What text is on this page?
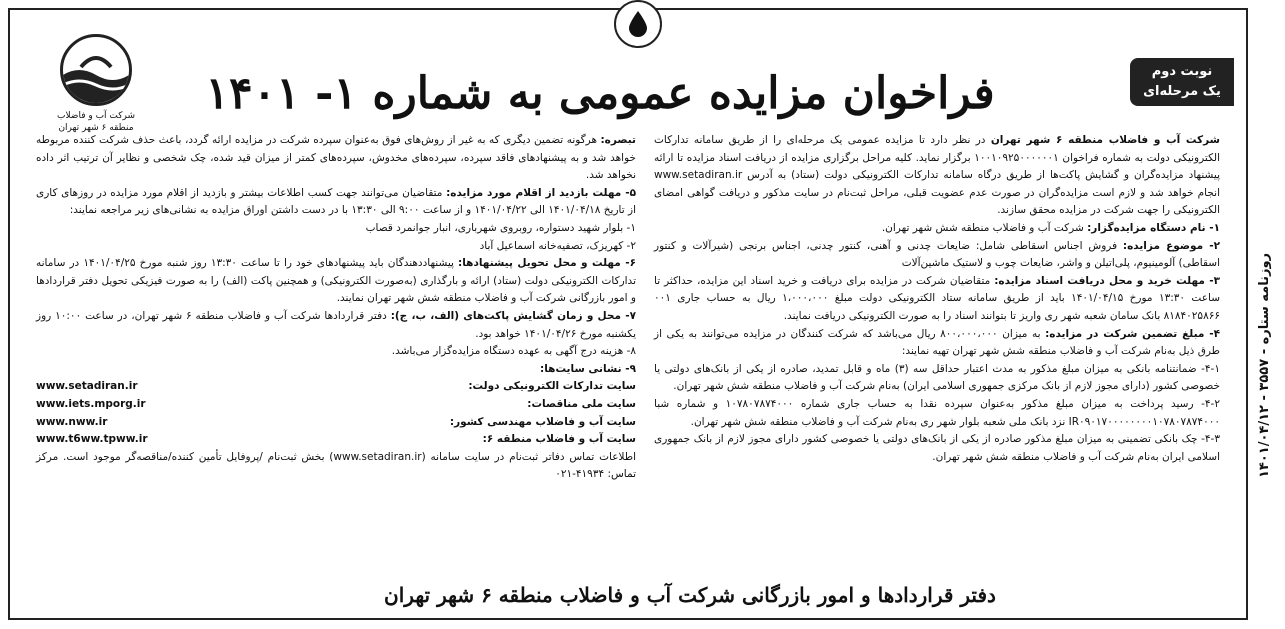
شرکت آب و فاضلاب
منطقه ۶ شهر تهران
نوبت دوم
یک مرحله‌ای
فراخوان مزایده عمومی به شماره ۱- ۱۴۰۱
شرکت آب و فاضلاب منطقه ۶ شهر تهران در نظر دارد تا مزایده عمومی یک مرحله‌ای را از طریق سامانه تدارکات الکترونیکی دولت به شماره فراخوان ۱۰۰۱۰۹۲۵۰۰۰۰۰۰۱ برگزار نماید. کلیه مراحل برگزاری مزایده از دریافت اسناد مزایده تا ارائه پیشنهاد مزایده‌گران و گشایش پاکت‌ها از طریق درگاه سامانه تدارکات الکترونیکی دولت (ستاد) به آدرس www.setadiran.ir انجام خواهد شد و لازم است مزایده‌گران در صورت عدم عضویت قبلی، مراحل ثبت‌نام در سایت مذکور و دریافت گواهی امضای الکترونیکی را جهت شرکت در مزایده محقق سازند.
۱- نام دستگاه مزایده‌گزار: شرکت آب و فاضلاب منطقه شش شهر تهران.
۲- موضوع مزایده: فروش اجناس اسقاطی شامل: ضایعات چدنی و آهنی، کنتور چدنی، اجناس برنجی (شیرآلات و کنتور اسقاطی) آلومینیوم، پلی‌اتیلن و واشر، ضایعات چوب و لاستیک ماشین‌آلات
۳- مهلت خرید و محل دریافت اسناد مزایده: متقاضیان شرکت در مزایده برای دریافت و خرید اسناد این مزایده، حداکثر تا ساعت ۱۳:۳۰ مورخ ۱۴۰۱/۰۴/۱۵ باید از طریق سامانه ستاد الکترونیکی دولت مبلغ ۱،۰۰۰،۰۰۰ ریال به حساب جاری ۰۰۱ ۸۱۸۴۰۲۵۸۶۶ بانک سامان شعبه شهر ری واریز تا بتوانند اسناد را به صورت الکترونیکی دریافت نمایند.
۴- مبلغ تضمین شرکت در مزایده: به میزان ۸۰۰،۰۰۰،۰۰۰ ریال می‌باشد که شرکت کنندگان در مزایده می‌توانند به یکی از طرق ذیل به‌نام شرکت آب و فاضلاب منطقه شش شهر تهران تهیه نمایند:
۴-۱- ضمانتنامه بانکی به میزان مبلغ مذکور به مدت اعتبار حداقل سه (۳) ماه و قابل تمدید، صادره از یکی از بانک‌های دولتی یا خصوصی کشور (دارای مجوز لازم از بانک مرکزی جمهوری اسلامی ایران) به‌نام شرکت آب و فاضلاب منطقه شش شهر تهران.
۴-۲- رسید پرداخت به میزان مبلغ مذکور به‌عنوان سپرده نقدا به حساب جاری شماره ۱۰۷۸۰۷۸۷۴۰۰۰ و شماره شبا IR۰۹۰۱۷۰۰۰۰۰۰۰۰۱۰۷۸۰۷۸۷۴۰۰۰ نزد بانک ملی شعبه بلوار شهر ری به‌نام شرکت آب و فاضلاب منطقه شش شهر تهران.
۴-۳- چک بانکی تضمینی به میزان مبلغ مذکور صادره از یکی از بانک‌های دولتی یا خصوصی کشور دارای مجوز لازم از بانک جمهوری اسلامی ایران به‌نام شرکت آب و فاضلاب منطقه شش شهر تهران.
تبصره: هرگونه تضمین دیگری که به غیر از روش‌های فوق به‌عنوان سپرده شرکت در مزایده ارائه گردد، باعث حذف شرکت کننده مربوطه خواهد شد و به پیشنهادهای فاقد سپرده، سپرده‌های مخدوش، سپرده‌های کمتر از میزان قید شده، چک شخصی و نظایر آن ترتیب اثر داده نخواهد شد.
۵- مهلت بازدید از اقلام مورد مزایده: متقاضیان می‌توانند جهت کسب اطلاعات بیشتر و بازدید از اقلام مورد مزایده در روزهای کاری از تاریخ ۱۴۰۱/۰۴/۱۸ الی ۱۴۰۱/۰۴/۲۲ و از ساعت ۹:۰۰ الی ۱۳:۳۰ با در دست داشتن اوراق مزایده به نشانی‌های زیر مراجعه نمایند:
۱- بلوار شهید دستواره، روبروی شهرباری، انبار جوانمرد قصاب
۲- کهریزک، تصفیه‌خانه اسماعیل آباد
۶- مهلت و محل تحویل پیشنهادها: پیشنهاددهندگان باید پیشنهادهای خود را تا ساعت ۱۳:۳۰ روز شنبه مورخ ۱۴۰۱/۰۴/۲۵ در سامانه تدارکات الکترونیکی دولت (ستاد) ارائه و بارگذاری (به‌صورت الکترونیکی) و همچنین پاکت (الف) را به صورت فیزیکی تحویل دفتر قراردادها و امور بازرگانی شرکت آب و فاضلاب منطقه شش شهر تهران نمایند.
۷- محل و زمان گشایش پاکت‌های (الف، ب، ج): دفتر قراردادها شرکت آب و فاضلاب منطقه ۶ شهر تهران، در ساعت ۱۰:۰۰ روز یکشنبه مورخ ۱۴۰۱/۰۴/۲۶ خواهد بود.
۸- هزینه درج آگهی به عهده دستگاه مزایده‌گزار می‌باشد.
۹- نشانی سایت‌ها:
سایت تدارکات الکترونیکی دولت:
www.setadiran.ir
سایت ملی مناقصات:
www.iets.mporg.ir
سایت آب و فاضلاب مهندسی کشور:
www.nww.ir
سایت آب و فاضلاب منطقه ۶:
www.t6ww.tpww.ir
اطلاعات تماس دفاتر ثبت‌نام در سایت سامانه (www.setadiran.ir) بخش ثبت‌نام /پروفایل تأمین کننده/مناقصه‌گر موجود است. مرکز تماس: ۴۱۹۳۴-۰۲۱
دفتر قراردادها و امور بازرگانی شرکت آب و فاضلاب منطقه ۶ شهر تهران
روزنامه ستاره - ۳۵۵۷ - ۱۴۰۱/۰۴/۱۲
